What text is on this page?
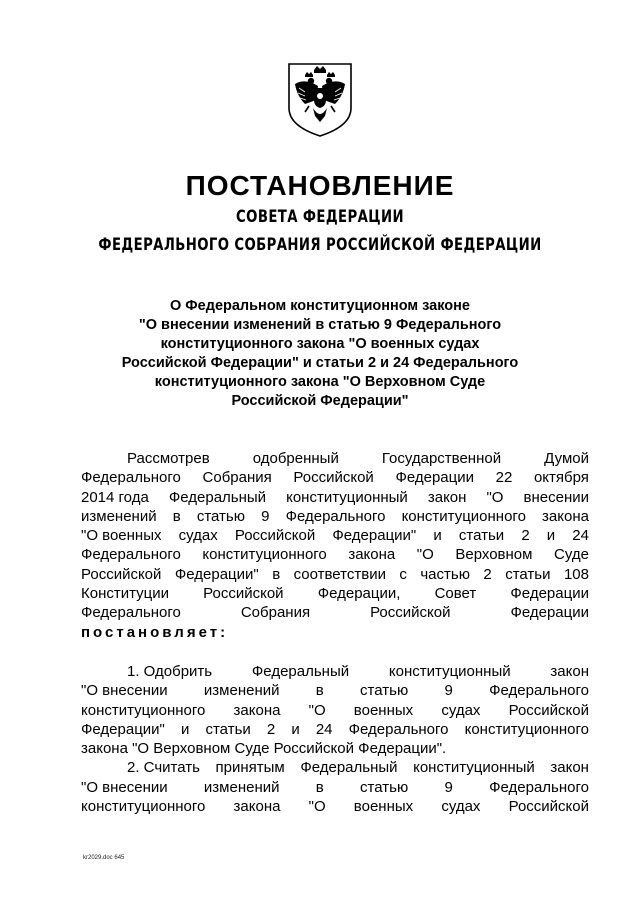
ПОСТАНОВЛЕНИЕ
СОВЕТА ФЕДЕРАЦИИ
ФЕДЕРАЛЬНОГО СОБРАНИЯ РОССИЙСКОЙ ФЕДЕРАЦИИ
О Федеральном конституционном законе
"О внесении изменений в статью 9 Федерального
конституционного закона "О военных судах
Российской Федерации" и статьи 2 и 24 Федерального
конституционного закона "О Верховном Суде
Российской Федерации"
Рассмотрев	одобренный	Государственной	Думой
Федерального Собрания Российской Федерации 22 октября
2014 года Федеральный конституционный закон "О внесении
изменений в статью 9 Федерального конституционного закона
"О военных судах Российской Федерации" и статьи 2 и 24
Федерального конституционного закона "О Верховном Суде
Российской Федерации" в соответствии с частью 2 статьи 108
Конституции Российской Федерации, Совет Федерации
Федерального	Собрания	Российской	Федерации
постановляет:
1. Одобрить	Федеральный	конституционный	закон
"О внесении изменений в статью 9 Федерального
конституционного закона "О военных судах Российской
Федерации" и статьи 2 и 24 Федерального конституционного
закона "О Верховном Суде Российской Федерации".
2. Считать принятым Федеральный конституционный закон
"О внесении изменений в статью 9 Федерального
конституционного закона "О военных судах Российской
kr2029.doc 645
